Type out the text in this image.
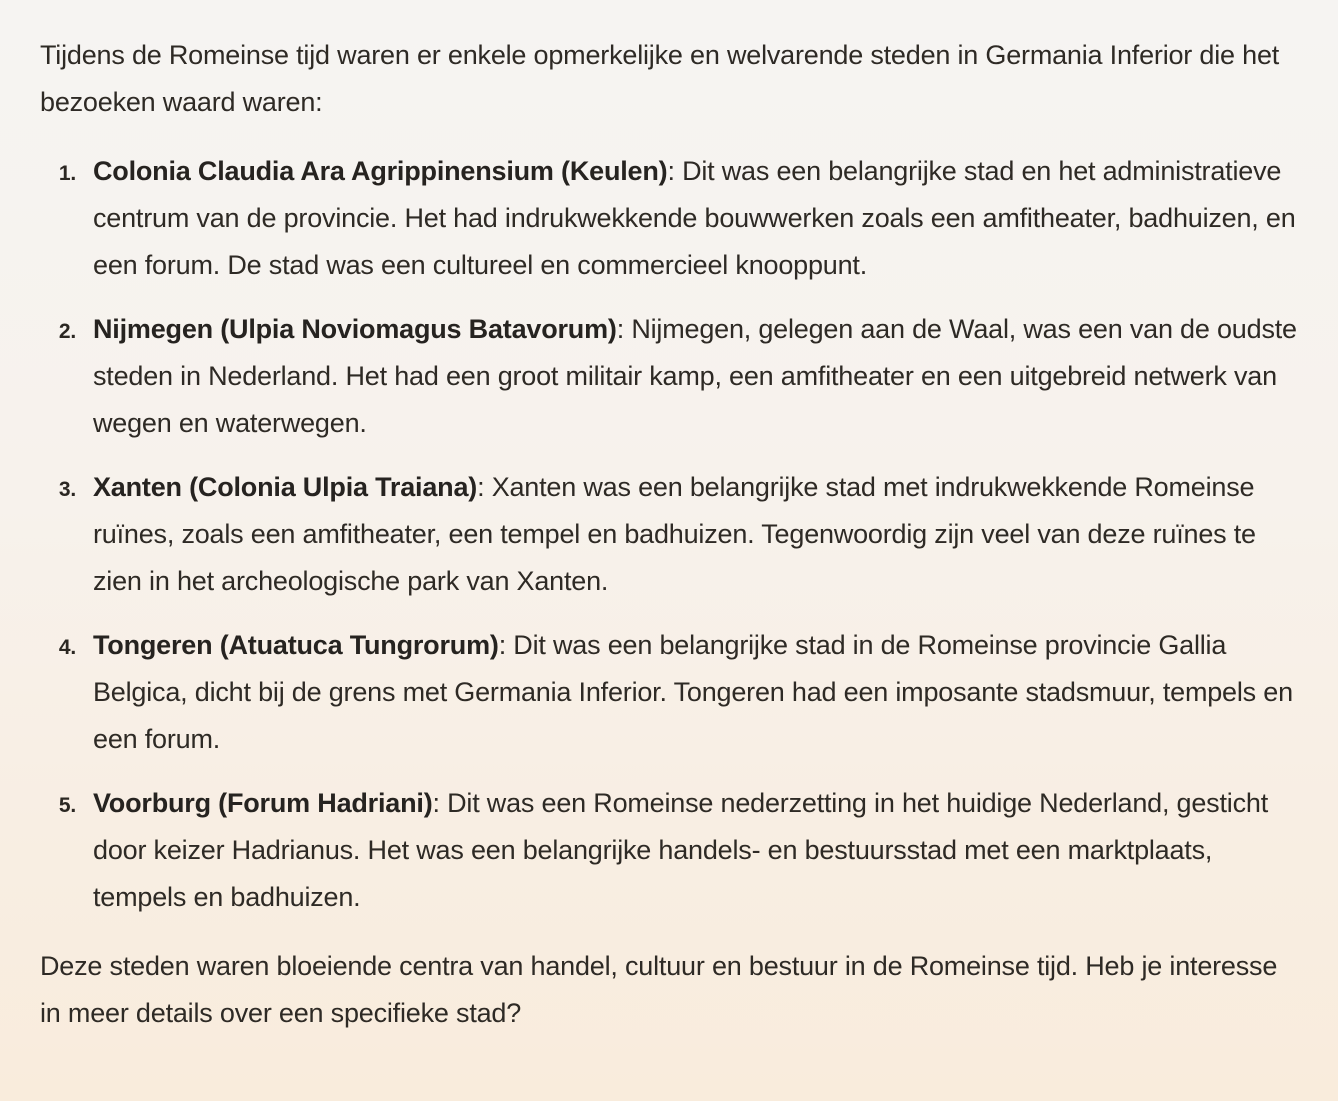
Tijdens de Romeinse tijd waren er enkele opmerkelijke en welvarende steden in Germania Inferior die het bezoeken waard waren:

1. Colonia Claudia Ara Agrippinensium (Keulen): Dit was een belangrijke stad en het administratieve centrum van de provincie. Het had indrukwekkende bouwwerken zoals een amfitheater, badhuizen, en een forum. De stad was een cultureel en commercieel knooppunt.
2. Nijmegen (Ulpia Noviomagus Batavorum): Nijmegen, gelegen aan de Waal, was een van de oudste steden in Nederland. Het had een groot militair kamp, een amfitheater en een uitgebreid netwerk van wegen en waterwegen.
3. Xanten (Colonia Ulpia Traiana): Xanten was een belangrijke stad met indrukwekkende Romeinse ruïnes, zoals een amfitheater, een tempel en badhuizen. Tegenwoordig zijn veel van deze ruïnes te zien in het archeologische park van Xanten.
4. Tongeren (Atuatuca Tungrorum): Dit was een belangrijke stad in de Romeinse provincie Gallia Belgica, dicht bij de grens met Germania Inferior. Tongeren had een imposante stadsmuur, tempels en een forum.
5. Voorburg (Forum Hadriani): Dit was een Romeinse nederzetting in het huidige Nederland, gesticht door keizer Hadrianus. Het was een belangrijke handels- en bestuursstad met een marktplaats, tempels en badhuizen.

Deze steden waren bloeiende centra van handel, cultuur en bestuur in de Romeinse tijd. Heb je interesse in meer details over een specifieke stad?
